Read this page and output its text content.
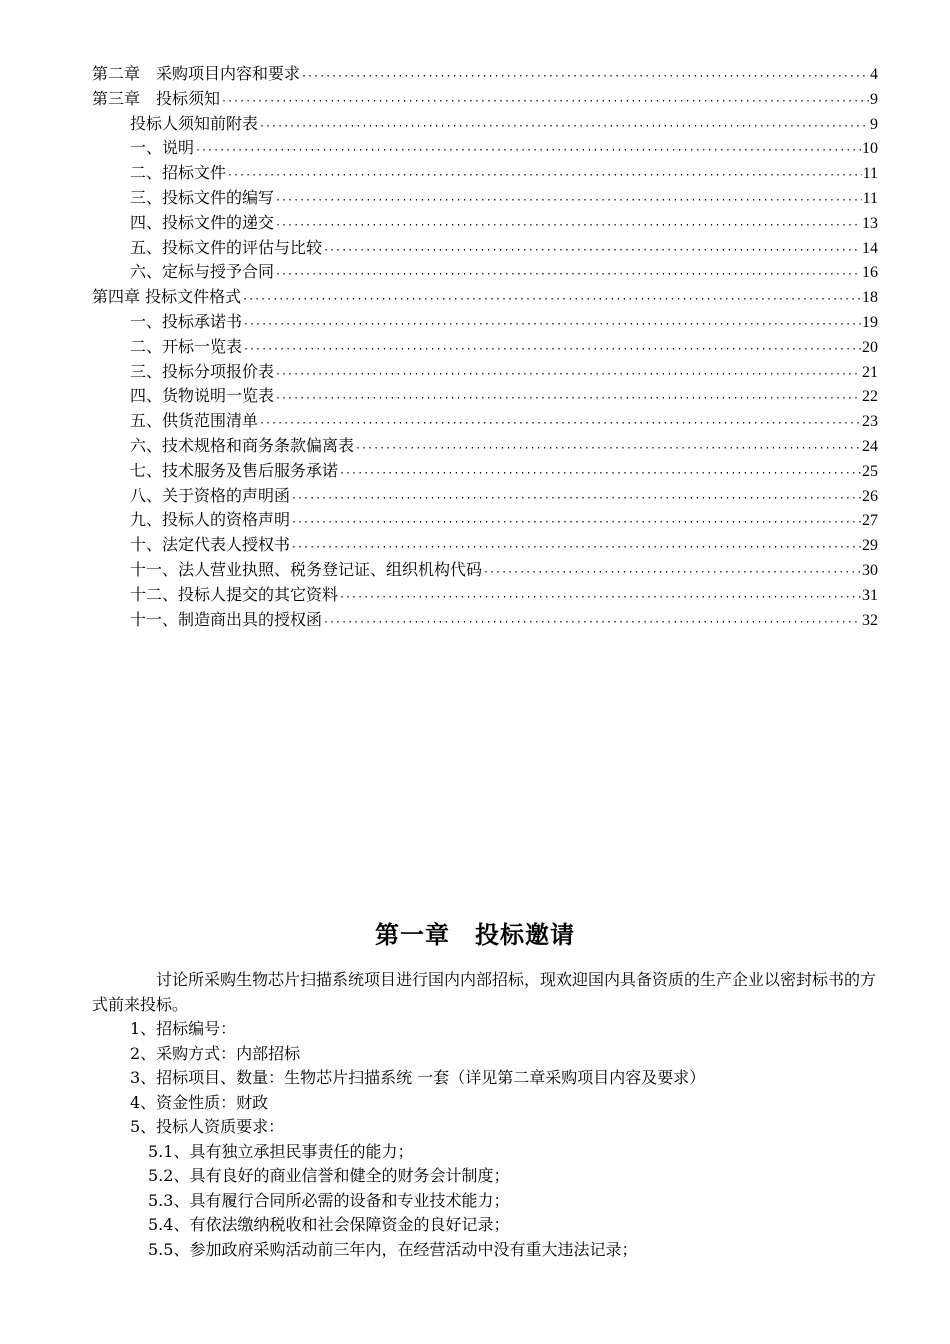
第二章　采购项目内容和要求 ·····	4
第三章　投标须知 ·····	9
投标人须知前附表 ·····	9
一、说明 ·····	10
二、招标文件 ·····	11
三、投标文件的编写 ·····	11
四、投标文件的递交 ·····	13
五、投标文件的评估与比较 ·····	14
六、定标与授予合同 ·····	16
第四章 投标文件格式 ·····	18
一、投标承诺书 ·····	19
二、开标一览表 ·····	20
三、投标分项报价表 ·····	21
四、货物说明一览表 ·····	22
五、供货范围清单 ·····	23
六、技术规格和商务条款偏离表 ·····	24
七、技术服务及售后服务承诺 ·····	25
八、关于资格的声明函 ·····	26
九、投标人的资格声明 ·····	27
十、法定代表人授权书 ·····	29
十一、法人营业执照、税务登记证、组织机构代码 ·····	30
十二、投标人提交的其它资料 ·····	31
十一、制造商出具的授权函 ·····	32
第一章　投标邀请

讨论所采购生物芯片扫描系统项目进行国内内部招标，现欢迎国内具备资质的生产企业以密封标书的方式前来投标。

1、招标编号：

2、采购方式：内部招标

3、招标项目、数量：生物芯片扫描系统 一套（详见第二章采购项目内容及要求）

4、资金性质：财政

5、投标人资质要求：

5.1、具有独立承担民事责任的能力；

5.2、具有良好的商业信誉和健全的财务会计制度；

5.3、具有履行合同所必需的设备和专业技术能力；

5.4、有依法缴纳税收和社会保障资金的良好记录；

5.5、参加政府采购活动前三年内，在经营活动中没有重大违法记录；
